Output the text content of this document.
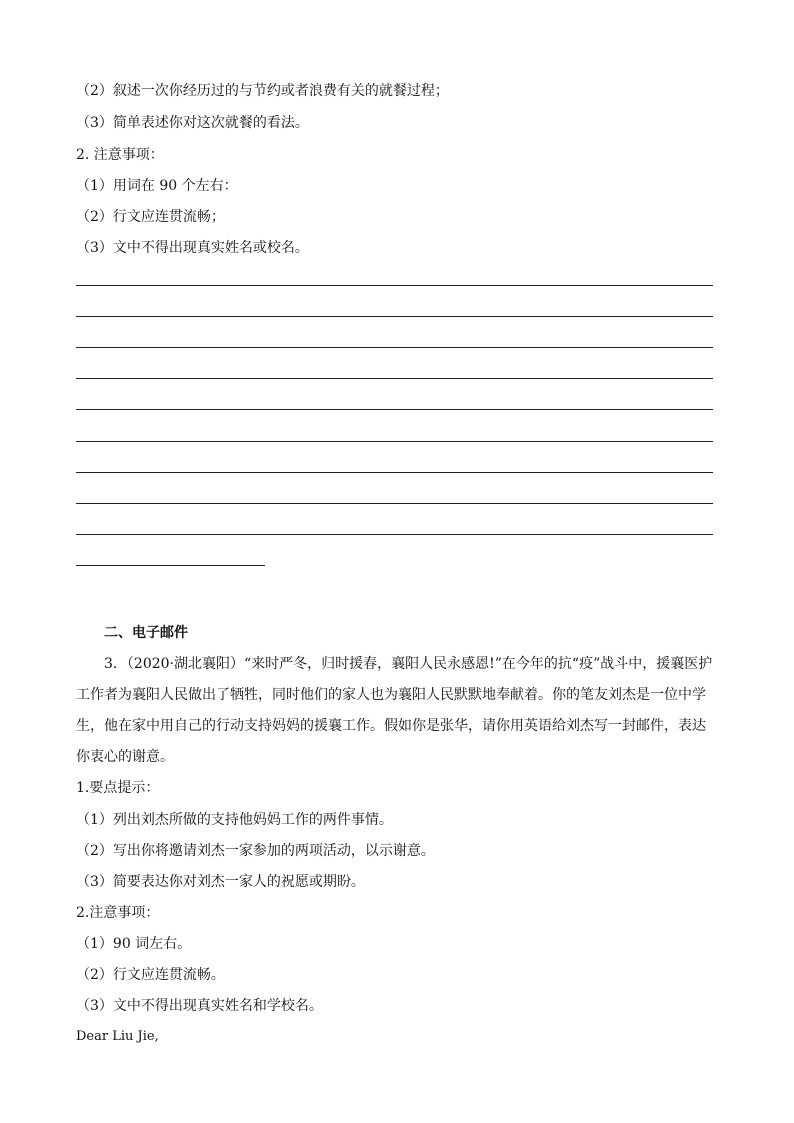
（2）叙述一次你经历过的与节约或者浪费有关的就餐过程；
（3）简单表述你对这次就餐的看法。
2. 注意事项：
（1）用词在 90 个左右：
（2）行文应连贯流畅；
（3）文中不得出现真实姓名或校名。
二、电子邮件

3．（2020·湖北襄阳）“来时严冬，归时援春，襄阳人民永感恩!”在今年的抗“疫”战斗中，援襄医护工作者为襄阳人民做出了牺牲，同时他们的家人也为襄阳人民默默地奉献着。你的笔友刘杰是一位中学生，他在家中用自己的行动支持妈妈的援襄工作。假如你是张华，请你用英语给刘杰写一封邮件，表达你衷心的谢意。

1.要点提示：
（1）列出刘杰所做的支持他妈妈工作的两件事情。
（2）写出你将邀请刘杰一家参加的两项活动，以示谢意。
（3）简要表达你对刘杰一家人的祝愿或期盼。
2.注意事项：
（1）90 词左右。
（2）行文应连贯流畅。
（3）文中不得出现真实姓名和学校名。
Dear Liu Jie,
